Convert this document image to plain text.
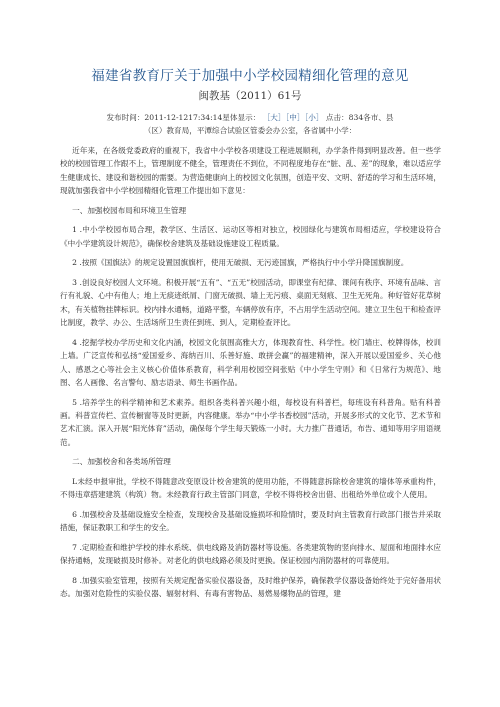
福建省教育厅关于加强中小学校园精细化管理的意见
闽教基（2011）61号
发布时间：2011-12-1217:34:14星体显示： ［大］［中］［小］ 点击：834各市、县
（区）教育局，平潭综合试验区管委会办公室，各省属中小学：

近年来，在各级党委政府的重视下，我省中小学校各项建设工程进展顺利，办学条件得到明显改善。但一些学校的校园管理工作跟不上，管理制度不健全，管理责任不到位，不同程度地存在“脏、乱、差”的现象，难以适应学生健康成长、建设和谐校园的需要。为营造健康向上的校园文化氛围，创造平安、文明、舒适的学习和生活环境，现就加强我省中小学校园精细化管理工作提出如下意见：

一、加强校园布局和环境卫生管理

1 .中小学校园布局合理，教学区、生活区、运动区等相对独立，校园绿化与建筑布局相适应，学校建设符合《中小学建筑设计规范》，确保校舍建筑及基础设施建设工程质量。

2 .按照《国旗法》的规定设置国旗旗杆，使用无破损、无污迹国旗，严格执行中小学升降国旗制度。

3 .创设良好校园人文环境。积极开展“五有”、“五无”校园活动，即课堂有纪律、课间有秩序、环境有品味、言行有礼貌、心中有他人；地上无痰迹纸屑、门窗无破损、墙上无污痕、桌面无刻痕、卫生无死角。种好管好花草树木，有关植物挂牌标识。校内排水通畅，道路平整，车辆停放有序，不占用学生活动空间。建立卫生包干和检查评比制度，教学、办公、生活场所卫生责任到班、到人，定期检查评比。

4 .挖掘学校办学历史和文化内涵，校园文化氛围高雅大方，体现教育性、科学性。校门墙庄、校牌得体，校训上墙。广泛宣传和弘扬“爱国爱乡、海纳百川、乐善好施、敢拼会赢”的福建精神，深入开展以爱国爱乡、关心他人、感恩之心等社会主义核心价值体系教育，科学利用校园空间张贴《中小学生守则》和《日常行为规范》、地图、名人画像、名言警句、励志语录、师生书画作品。

5 .培养学生的科学精神和艺术素养。组织各类科普兴趣小组，每校设有科普栏，每班设有科普角。贴有科普画。科普宣传栏、宣传橱窗等及时更新，内容健康。举办“中小学书香校园”活动，开展多形式的文化节、艺术节和艺术汇演。深入开展“阳光体育”活动，确保每个学生每天锻炼一小时。大力推广普通话，布告、通知等用字用语规范。

二、加强校舍和各类场所管理

L未经申报审批，学校不得随意改变原设计校舍建筑的使用功能，不得随意拆除校舍建筑的墙体等承重构件，不得违章搭建建筑（构筑）物。未经教育行政主管部门同意，学校不得将校舍出借、出租给外单位或个人使用。

6 .加强校舍及基础设施安全检查，发现校舍及基础设施损坏和险情时，要及时向主管教育行政部门报告并采取措施，保证教职工和学生的安全。

7 .定期检查和维护学校的排水系统、供电线路及消防器材等设施。各类建筑物的竖向排水、屋面和地面排水应保持通畅，发现破损及时修补。对老化的供电线路必须及时更换。保证校园内消防器材的可靠使用。

8 .加强实验室管理，按照有关规定配备实验仪器设备，及时维护保养，确保教学仪器设备始终处于完好备用状态。加强对危险性的实验仪器、辐射材料、有毒有害物品、易燃易爆物品的管理，建
